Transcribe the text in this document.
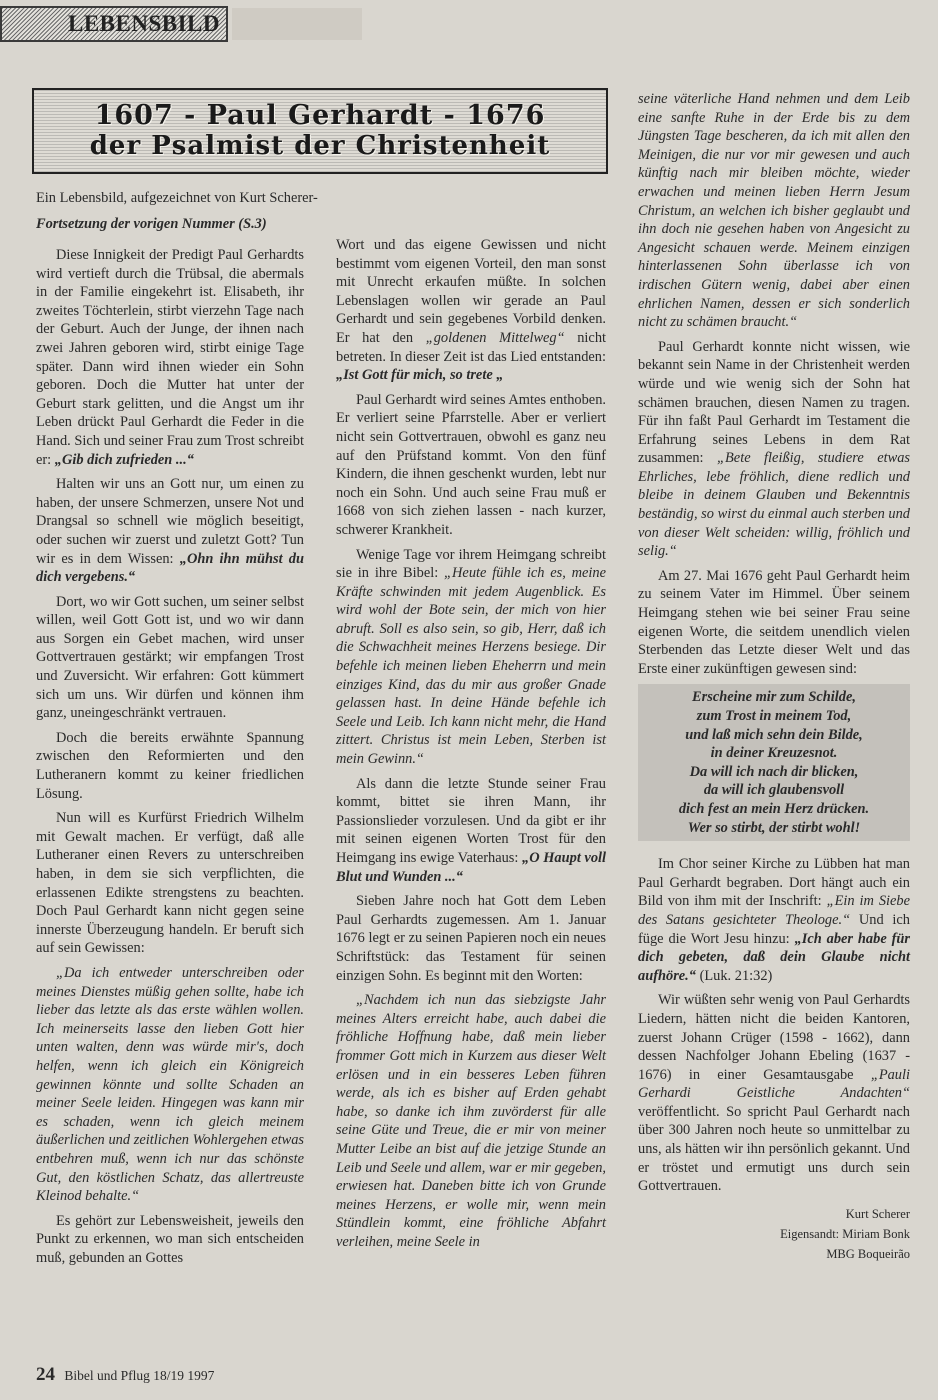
LEBENSBILD
1607 - Paul Gerhardt - 1676
der Psalmist der Christenheit
Ein Lebensbild, aufgezeichnet von Kurt Scherer-
Fortsetzung der vorigen Nummer (S.3)

Diese Innigkeit der Predigt Paul Gerhardts wird vertieft durch die Trübsal, die abermals in der Familie eingekehrt ist. Elisabeth, ihr zweites Töchterlein, stirbt vierzehn Tage nach der Geburt. Auch der Junge, der ihnen nach zwei Jahren geboren wird, stirbt einige Tage später. Dann wird ihnen wieder ein Sohn geboren. Doch die Mutter hat unter der Geburt stark gelitten, und die Angst um ihr Leben drückt Paul Gerhardt die Feder in die Hand. Sich und seiner Frau zum Trost schreibt er: „Gib dich zufrieden ...“

Halten wir uns an Gott nur, um einen zu haben, der unsere Schmerzen, unsere Not und Drangsal so schnell wie möglich beseitigt, oder suchen wir zuerst und zuletzt Gott? Tun wir es in dem Wissen: „Ohn ihn mühst du dich vergebens.“

Dort, wo wir Gott suchen, um seiner selbst willen, weil Gott Gott ist, und wo wir dann aus Sorgen ein Gebet machen, wird unser Gottvertrauen gestärkt; wir empfangen Trost und Zuversicht. Wir erfahren: Gott kümmert sich um uns. Wir dürfen und können ihm ganz, uneingeschränkt vertrauen.

Doch die bereits erwähnte Spannung zwischen den Reformierten und den Lutheranern kommt zu keiner friedlichen Lösung.

Nun will es Kurfürst Friedrich Wilhelm mit Gewalt machen. Er verfügt, daß alle Lutheraner einen Revers zu unterschreiben haben, in dem sie sich verpflichten, die erlassenen Edikte strengstens zu beachten. Doch Paul Gerhardt kann nicht gegen seine innerste Überzeugung handeln. Er beruft sich auf sein Gewissen:

„Da ich entweder unterschreiben oder meines Dienstes müßig gehen sollte, habe ich lieber das letzte als das erste wählen wollen. Ich meinerseits lasse den lieben Gott hier unten walten, denn was würde mir's, doch helfen, wenn ich gleich ein Königreich gewinnen könnte und sollte Schaden an meiner Seele leiden. Hingegen was kann mir es schaden, wenn ich gleich meinem äußerlichen und zeitlichen Wohlergehen etwas entbehren muß, wenn ich nur das schönste Gut, den köstlichen Schatz, das allertreuste Kleinod behalte.“

Es gehört zur Lebensweisheit, jeweils den Punkt zu erkennen, wo man sich entscheiden muß, gebunden an Gottes

Wort und das eigene Gewissen und nicht bestimmt vom eigenen Vorteil, den man sonst mit Unrecht erkaufen müßte. In solchen Lebenslagen wollen wir gerade an Paul Gerhardt und sein gegebenes Vorbild denken. Er hat den „goldenen Mittelweg“ nicht betreten. In dieser Zeit ist das Lied entstanden: „Ist Gott für mich, so trete „

Paul Gerhardt wird seines Amtes enthoben. Er verliert seine Pfarrstelle. Aber er verliert nicht sein Gottvertrauen, obwohl es ganz neu auf den Prüfstand kommt. Von den fünf Kindern, die ihnen geschenkt wurden, lebt nur noch ein Sohn. Und auch seine Frau muß er 1668 von sich ziehen lassen - nach kurzer, schwerer Krankheit.

Wenige Tage vor ihrem Heimgang schreibt sie in ihre Bibel: „Heute fühle ich es, meine Kräfte schwinden mit jedem Augenblick. Es wird wohl der Bote sein, der mich von hier abruft. Soll es also sein, so gib, Herr, daß ich die Schwachheit meines Herzens besiege. Dir befehle ich meinen lieben Eheherrn und mein einziges Kind, das du mir aus großer Gnade gelassen hast. In deine Hände befehle ich Seele und Leib. Ich kann nicht mehr, die Hand zittert. Christus ist mein Leben, Sterben ist mein Gewinn.“

Als dann die letzte Stunde seiner Frau kommt, bittet sie ihren Mann, ihr Passionslieder vorzulesen. Und da gibt er ihr mit seinen eigenen Worten Trost für den Heimgang ins ewige Vaterhaus: „O Haupt voll Blut und Wunden ...“

Sieben Jahre noch hat Gott dem Leben Paul Gerhardts zugemessen. Am 1. Januar 1676 legt er zu seinen Papieren noch ein neues Schriftstück: das Testament für seinen einzigen Sohn. Es beginnt mit den Worten:

„Nachdem ich nun das siebzigste Jahr meines Alters erreicht habe, auch dabei die fröhliche Hoffnung habe, daß mein lieber frommer Gott mich in Kurzem aus dieser Welt erlösen und in ein besseres Leben führen werde, als ich es bisher auf Erden gehabt habe, so danke ich ihm zuvörderst für alle seine Güte und Treue, die er mir von meiner Mutter Leibe an bist auf die jetzige Stunde an Leib und Seele und allem, war er mir gegeben, erwiesen hat. Daneben bitte ich von Grunde meines Herzens, er wolle mir, wenn mein Stündlein kommt, eine fröhliche Abfahrt verleihen, meine Seele in

seine väterliche Hand nehmen und dem Leib eine sanfte Ruhe in der Erde bis zu dem Jüngsten Tage bescheren, da ich mit allen den Meinigen, die nur vor mir gewesen und auch künftig nach mir bleiben möchte, wieder erwachen und meinen lieben Herrn Jesum Christum, an welchen ich bisher geglaubt und ihn doch nie gesehen haben von Angesicht zu Angesicht schauen werde. Meinem einzigen hinterlassenen Sohn überlasse ich von irdischen Gütern wenig, dabei aber einen ehrlichen Namen, dessen er sich sonderlich nicht zu schämen braucht.“

Paul Gerhardt konnte nicht wissen, wie bekannt sein Name in der Christenheit werden würde und wie wenig sich der Sohn hat schämen brauchen, diesen Namen zu tragen. Für ihn faßt Paul Gerhardt im Testament die Erfahrung seines Lebens in dem Rat zusammen: „Bete fleißig, studiere etwas Ehrliches, lebe fröhlich, diene redlich und bleibe in deinem Glauben und Bekenntnis beständig, so wirst du einmal auch sterben und von dieser Welt scheiden: willig, fröhlich und selig.“

Am 27. Mai 1676 geht Paul Gerhardt heim zu seinem Vater im Himmel. Über seinem Heimgang stehen wie bei seiner Frau seine eigenen Worte, die seitdem unendlich vielen Sterbenden das Letzte dieser Welt und das Erste einer zukünftigen gewesen sind:

Erscheine mir zum Schilde,
zum Trost in meinem Tod,
und laß mich sehn dein Bilde,
in deiner Kreuzesnot.
Da will ich nach dir blicken,
da will ich glaubensvoll
dich fest an mein Herz drücken.
Wer so stirbt, der stirbt wohl!

Im Chor seiner Kirche zu Lübben hat man Paul Gerhardt begraben. Dort hängt auch ein Bild von ihm mit der Inschrift: „Ein im Siebe des Satans gesichteter Theologe.“ Und ich füge die Wort Jesu hinzu: „Ich aber habe für dich gebeten, daß dein Glaube nicht aufhöre.“ (Luk. 21:32)

Wir wüßten sehr wenig von Paul Gerhardts Liedern, hätten nicht die beiden Kantoren, zuerst Johann Crüger (1598 - 1662), dann dessen Nachfolger Johann Ebeling (1637 - 1676) in einer Gesamtausgabe „Pauli Gerhardi Geistliche Andachten“ veröffentlicht. So spricht Paul Gerhardt nach über 300 Jahren noch heute so unmittelbar zu uns, als hätten wir ihn persönlich gekannt. Und er tröstet und ermutigt uns durch sein Gottvertrauen.

Kurt Scherer
Eigensandt: Miriam Bonk
MBG Boqueirão
24 Bibel und Pflug 18/19 1997
